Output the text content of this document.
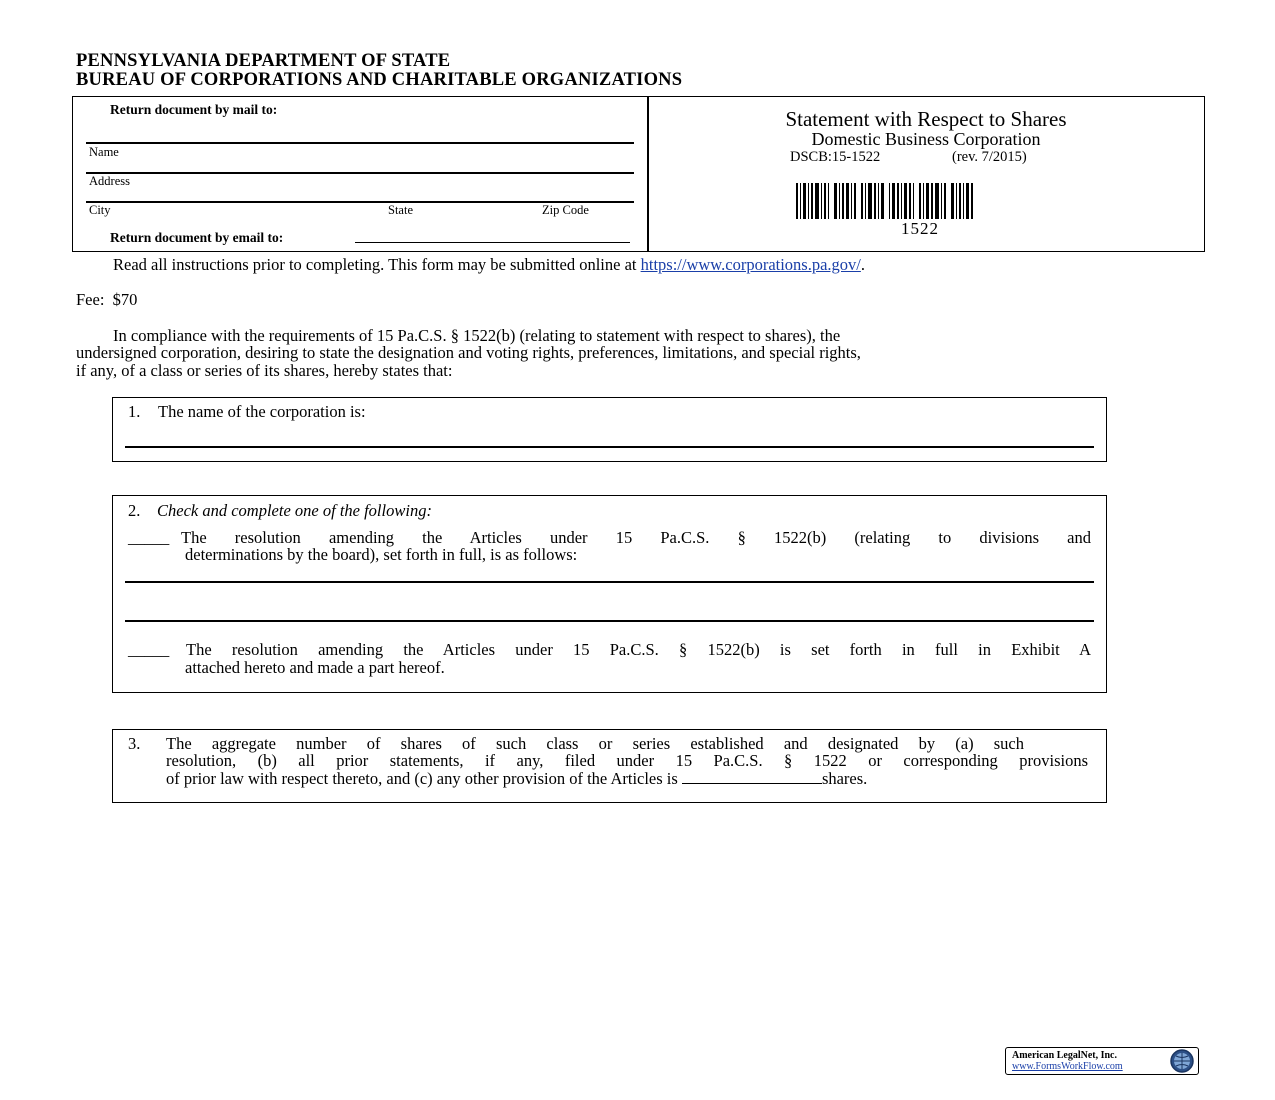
PENNSYLVANIA DEPARTMENT OF STATE
BUREAU OF CORPORATIONS AND CHARITABLE ORGANIZATIONS
Return document by mail to:
Name
Address
City	State	Zip Code
Return document by email to:
Statement with Respect to Shares
Domestic Business Corporation
DSCB:15-1522	(rev. 7/2015)
1522
Read all instructions prior to completing. This form may be submitted online at https://www.corporations.pa.gov/.
Fee:  $70
In compliance with the requirements of 15 Pa.C.S. § 1522(b) (relating to statement with respect to shares), the
undersigned corporation, desiring to state the designation and voting rights, preferences, limitations, and special rights,
if any, of a class or series of its shares, hereby states that:
1. The name of the corporation is:
2. Check and complete one of the following:
_____ The resolution amending the Articles under 15 Pa.C.S. § 1522(b) (relating to divisions and
determinations by the board), set forth in full, is as follows:
_____ The resolution amending the Articles under 15 Pa.C.S. § 1522(b) is set forth in full in Exhibit A
attached hereto and made a part hereof.
3. The aggregate number of shares of such class or series established and designated by (a) such
resolution, (b) all prior statements, if any, filed under 15 Pa.C.S. § 1522 or corresponding provisions
of prior law with respect thereto, and (c) any other provision of the Articles is	shares.
American LegalNet, Inc.
www.FormsWorkFlow.com
